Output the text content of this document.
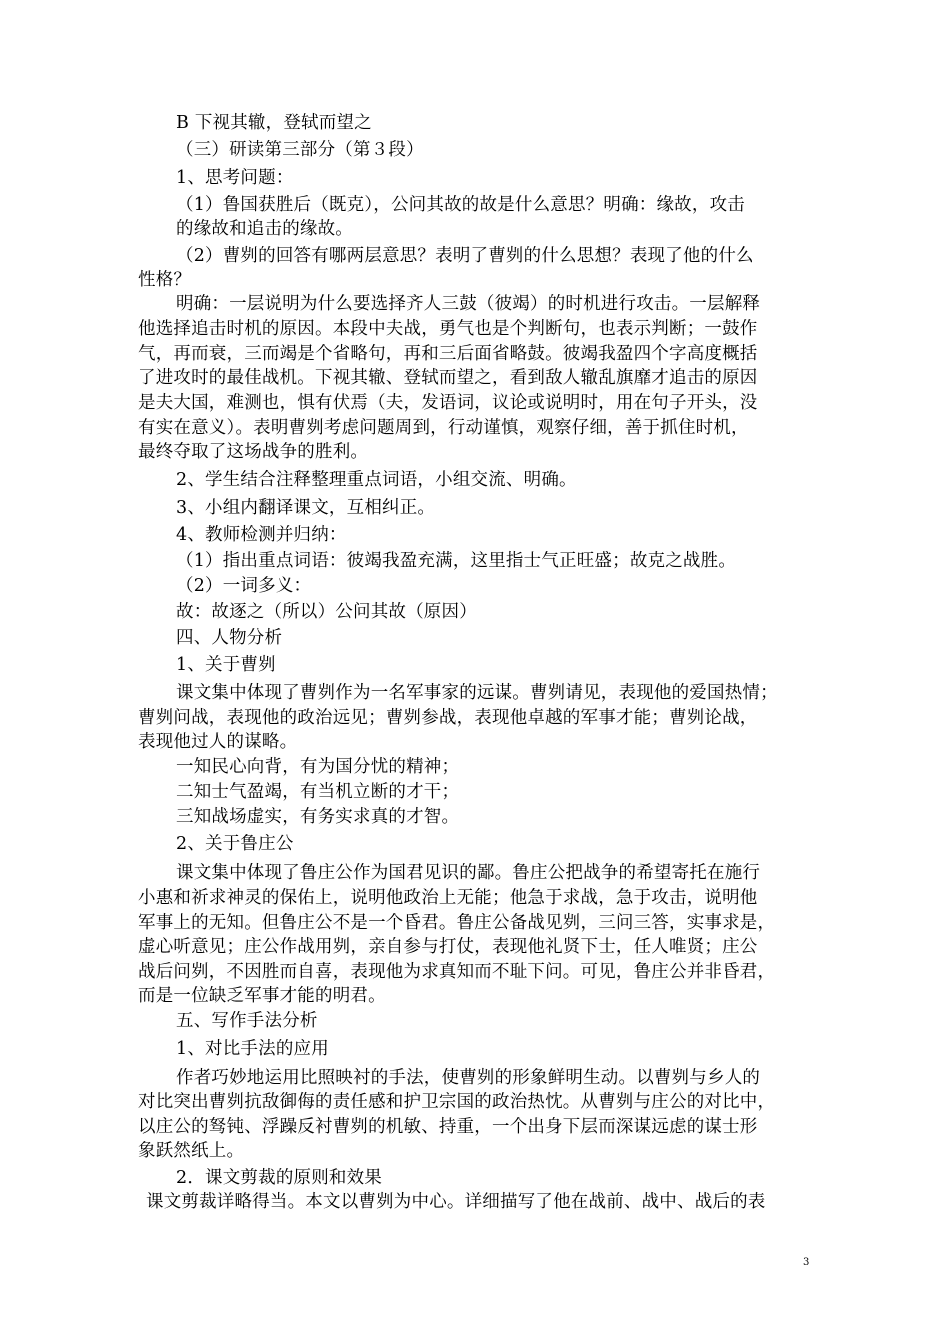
B 下视其辙，登轼而望之
（三）研读第三部分（第３段）
1、思考问题：
（1）鲁国获胜后（既克），公问其故的故是什么意思？明确：缘故，攻击
的缘故和追击的缘故。
（2）曹刿的回答有哪两层意思？表明了曹刿的什么思想？表现了他的什么
性格？
明确：一层说明为什么要选择齐人三鼓（彼竭）的时机进行攻击。一层解释
他选择追击时机的原因。本段中夫战，勇气也是个判断句，也表示判断；一鼓作
气，再而衰，三而竭是个省略句，再和三后面省略鼓。彼竭我盈四个字高度概括
了进攻时的最佳战机。下视其辙、登轼而望之，看到敌人辙乱旗靡才追击的原因
是夫大国，难测也，惧有伏焉（夫，发语词，议论或说明时，用在句子开头，没
有实在意义）。表明曹刿考虑问题周到，行动谨慎，观察仔细，善于抓住时机，
最终夺取了这场战争的胜利。
2、学生结合注释整理重点词语，小组交流、明确。
3、小组内翻译课文，互相纠正。
4、教师检测并归纳：
（1）指出重点词语：彼竭我盈充满，这里指士气正旺盛；故克之战胜。
（2）一词多义：
故：故逐之（所以）公问其故（原因）
四、人物分析
1、关于曹刿
课文集中体现了曹刿作为一名军事家的远谋。曹刿请见，表现他的爱国热情；
曹刿问战，表现他的政治远见；曹刿参战，表现他卓越的军事才能；曹刿论战，
表现他过人的谋略。
一知民心向背，有为国分忧的精神；
二知士气盈竭，有当机立断的才干；
三知战场虚实，有务实求真的才智。
2、关于鲁庄公
课文集中体现了鲁庄公作为国君见识的鄙。鲁庄公把战争的希望寄托在施行
小惠和祈求神灵的保佑上，说明他政治上无能；他急于求战，急于攻击，说明他
军事上的无知。但鲁庄公不是一个昏君。鲁庄公备战见刿，三问三答，实事求是，
虚心听意见；庄公作战用刿，亲自参与打仗，表现他礼贤下士，任人唯贤；庄公
战后问刿，不因胜而自喜，表现他为求真知而不耻下问。可见，鲁庄公并非昏君，
而是一位缺乏军事才能的明君。
五、写作手法分析
1、对比手法的应用
作者巧妙地运用比照映衬的手法，使曹刿的形象鲜明生动。以曹刿与乡人的
对比突出曹刿抗敌御侮的责任感和护卫宗国的政治热忱。从曹刿与庄公的对比中，
以庄公的驽钝、浮躁反衬曹刿的机敏、持重，一个出身下层而深谋远虑的谋士形
象跃然纸上。
2．课文剪裁的原则和效果
课文剪裁详略得当。本文以曹刿为中心。详细描写了他在战前、战中、战后的表
3
